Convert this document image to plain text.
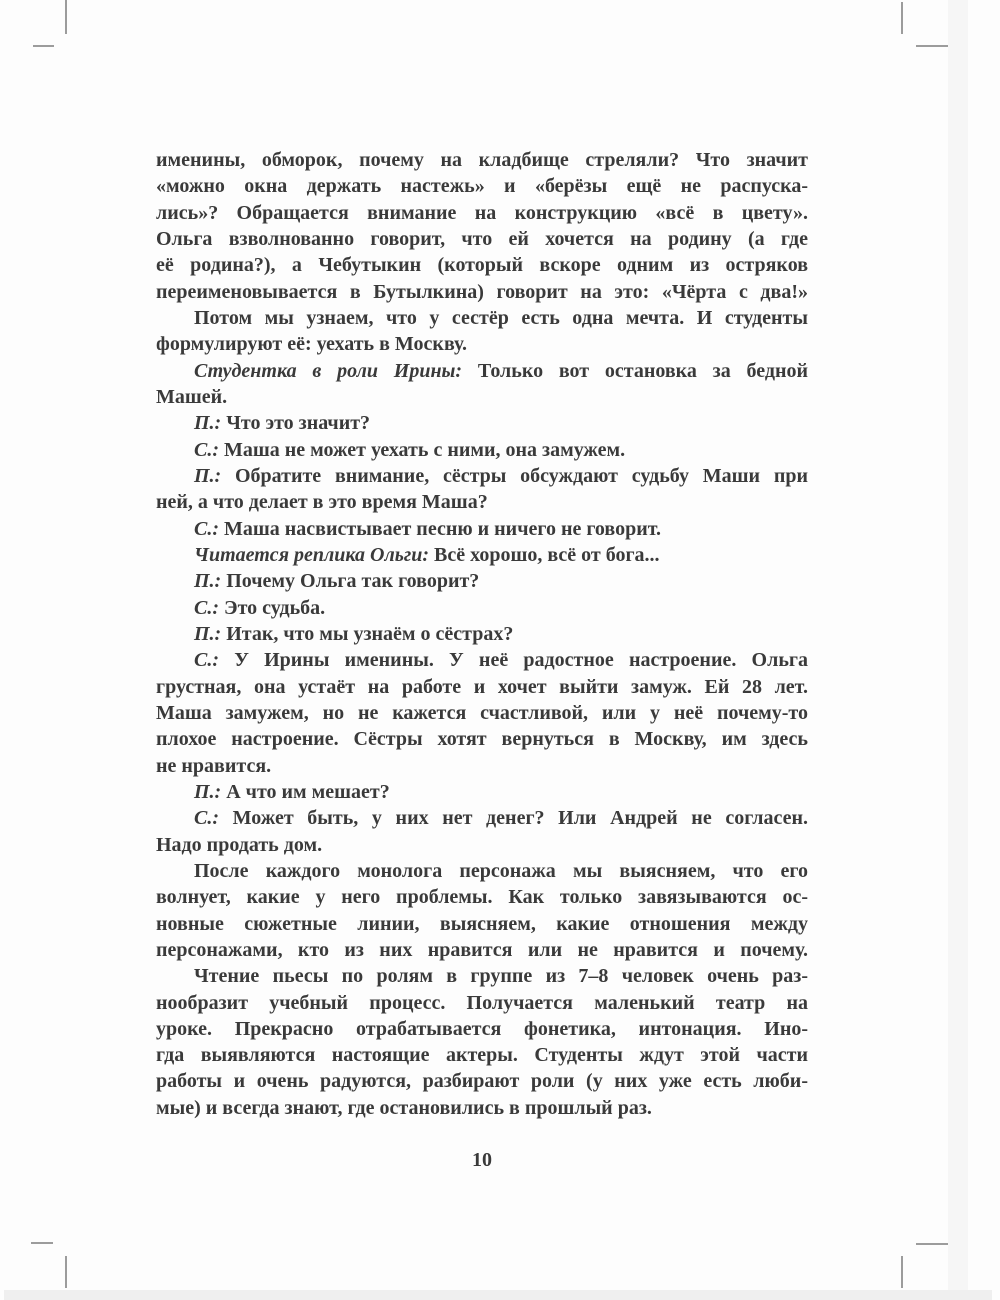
именины, обморок, почему на кладбище стреляли? Что значит
«можно окна держать настежь» и «берёзы ещё не распуска-
лись»? Обращается внимание на конструкцию «всё в цвету».
Ольга взволнованно говорит, что ей хочется на родину (а где
её родина?), а Чебутыкин (который вскоре одним из остряков
переименовывается в Бутылкина) говорит на это: «Чёрта с два!»
Потом мы узнаем, что у сестёр есть одна мечта. И студенты
формулируют её: уехать в Москву.
Студентка в роли Ирины: Только вот остановка за бедной
Машей.
П.: Что это значит?
С.: Маша не может уехать с ними, она замужем.
П.: Обратите внимание, сёстры обсуждают судьбу Маши при
ней, а что делает в это время Маша?
С.: Маша насвистывает песню и ничего не говорит.
Читается реплика Ольги: Всё хорошо, всё от бога...
П.: Почему Ольга так говорит?
С.: Это судьба.
П.: Итак, что мы узнаём о сёстрах?
С.: У Ирины именины. У неё радостное настроение. Ольга
грустная, она устаёт на работе и хочет выйти замуж. Ей 28 лет.
Маша замужем, но не кажется счастливой, или у неё почему-то
плохое настроение. Сёстры хотят вернуться в Москву, им здесь
не нравится.
П.: А что им мешает?
С.: Может быть, у них нет денег? Или Андрей не согласен.
Надо продать дом.
После каждого монолога персонажа мы выясняем, что его
волнует, какие у него проблемы. Как только завязываются ос-
новные сюжетные линии, выясняем, какие отношения между
персонажами, кто из них нравится или не нравится и почему.
Чтение пьесы по ролям в группе из 7–8 человек очень раз-
нообразит учебный процесс. Получается маленький театр на
уроке. Прекрасно отрабатывается фонетика, интонация. Ино-
гда выявляются настоящие актеры. Студенты ждут этой части
работы и очень радуются, разбирают роли (у них уже есть люби-
мые) и всегда знают, где остановились в прошлый раз.
10
